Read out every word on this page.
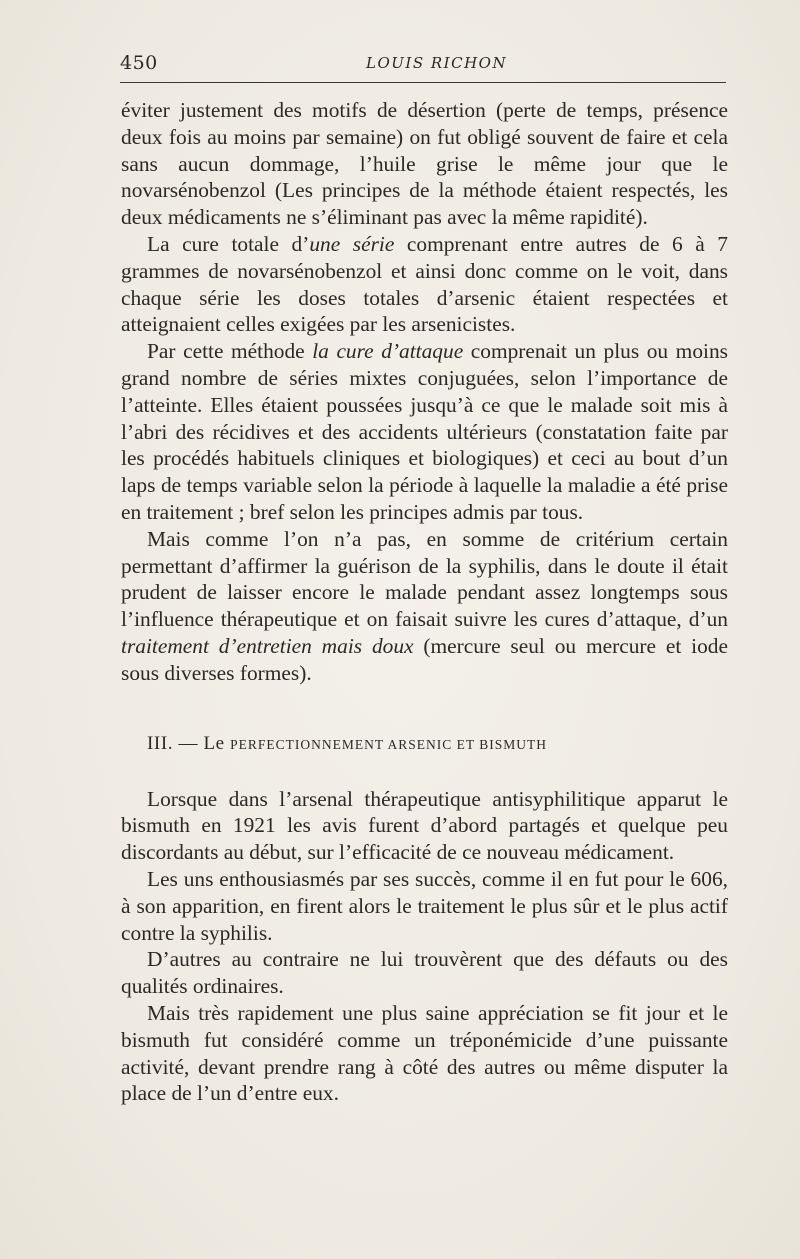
450	LOUIS RICHON

éviter justement des motifs de désertion (perte de temps, présence deux fois au moins par semaine) on fut obligé souvent de faire et cela sans aucun dommage, l’huile grise le même jour que le novarsénobenzol (Les principes de la méthode étaient respectés, les deux médicaments ne s’éliminant pas avec la même rapidité).

La cure totale d’une série comprenant entre autres de 6 à 7 grammes de novarsénobenzol et ainsi donc comme on le voit, dans chaque série les doses totales d’arsenic étaient respectées et atteignaient celles exigées par les arsenicistes.

Par cette méthode la cure d’attaque comprenait un plus ou moins grand nombre de séries mixtes conjuguées, selon l’importance de l’atteinte. Elles étaient poussées jusqu’à ce que le malade soit mis à l’abri des récidives et des accidents ultérieurs (constatation faite par les procédés habituels cliniques et biologiques) et ceci au bout d’un laps de temps variable selon la période à laquelle la maladie a été prise en traitement ; bref selon les principes admis par tous.

Mais comme l’on n’a pas, en somme de critérium certain permettant d’affirmer la guérison de la syphilis, dans le doute il était prudent de laisser encore le malade pendant assez longtemps sous l’influence thérapeutique et on faisait suivre les cures d’attaque, d’un traitement d’entretien mais doux (mercure seul ou mercure et iode sous diverses formes).

III. — Le PERFECTIONNEMENT ARSENIC ET BISMUTH

Lorsque dans l’arsenal thérapeutique antisyphilitique apparut le bismuth en 1921 les avis furent d’abord partagés et quelque peu discordants au début, sur l’efficacité de ce nouveau médicament.

Les uns enthousiasmés par ses succès, comme il en fut pour le 606, à son apparition, en firent alors le traitement le plus sûr et le plus actif contre la syphilis.

D’autres au contraire ne lui trouvèrent que des défauts ou des qualités ordinaires.

Mais très rapidement une plus saine appréciation se fit jour et le bismuth fut considéré comme un tréponémicide d’une puissante activité, devant prendre rang à côté des autres ou même disputer la place de l’un d’entre eux.
